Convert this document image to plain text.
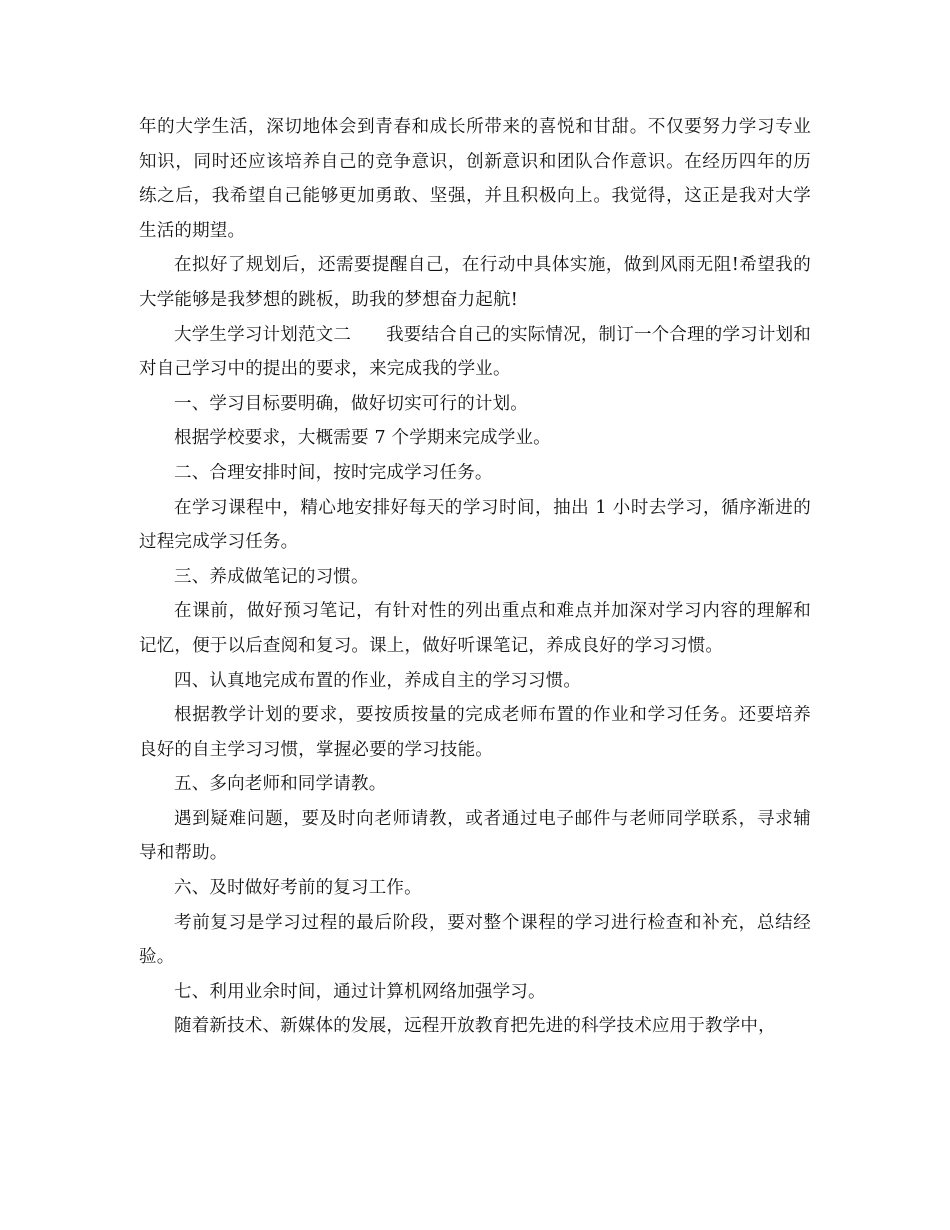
年的大学生活，深切地体会到青春和成长所带来的喜悦和甘甜。不仅要努力学习专业知识，同时还应该培养自己的竞争意识，创新意识和团队合作意识。在经历四年的历练之后，我希望自己能够更加勇敢、坚强，并且积极向上。我觉得，这正是我对大学生活的期望。

在拟好了规划后，还需要提醒自己，在行动中具体实施，做到风雨无阻!希望我的大学能够是我梦想的跳板，助我的梦想奋力起航!

大学生学习计划范文二 我要结合自己的实际情况，制订一个合理的学习计划和对自己学习中的提出的要求，来完成我的学业。

一、学习目标要明确，做好切实可行的计划。

根据学校要求，大概需要 7 个学期来完成学业。

二、合理安排时间，按时完成学习任务。

在学习课程中，精心地安排好每天的学习时间，抽出 1 小时去学习，循序渐进的过程完成学习任务。

三、养成做笔记的习惯。

在课前，做好预习笔记，有针对性的列出重点和难点并加深对学习内容的理解和记忆，便于以后查阅和复习。课上，做好听课笔记，养成良好的学习习惯。

四、认真地完成布置的作业，养成自主的学习习惯。

根据教学计划的要求，要按质按量的完成老师布置的作业和学习任务。还要培养良好的自主学习习惯，掌握必要的学习技能。

五、多向老师和同学请教。

遇到疑难问题，要及时向老师请教，或者通过电子邮件与老师同学联系，寻求辅导和帮助。

六、及时做好考前的复习工作。

考前复习是学习过程的最后阶段，要对整个课程的学习进行检查和补充，总结经验。

七、利用业余时间，通过计算机网络加强学习。

随着新技术、新媒体的发展，远程开放教育把先进的科学技术应用于教学中，
